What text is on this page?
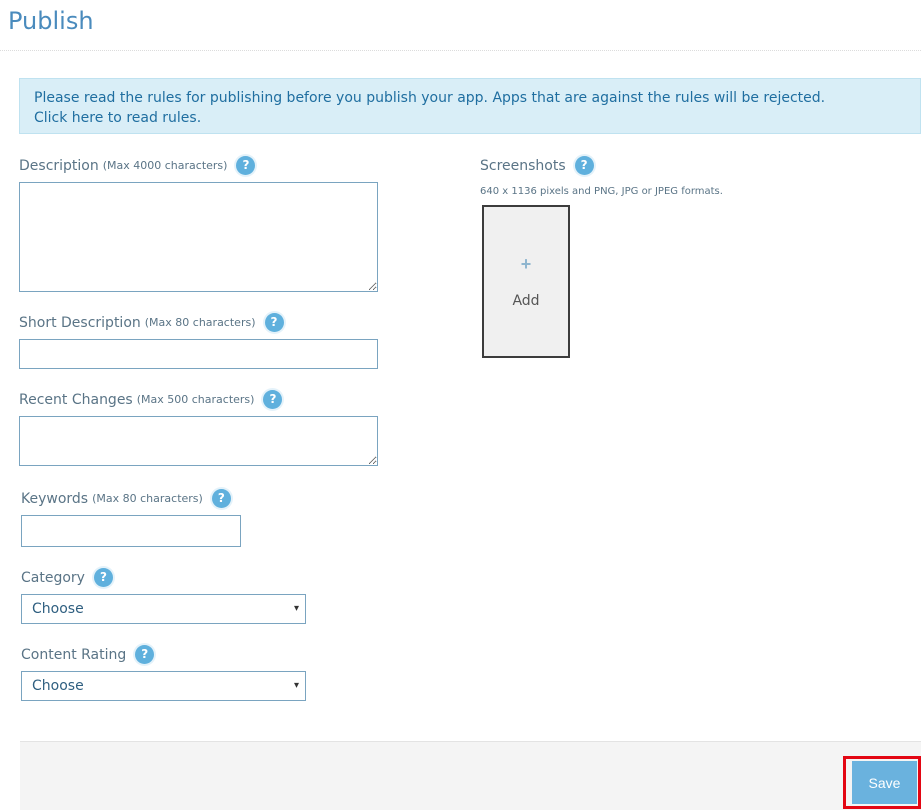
Publish
Please read the rules for publishing before you publish your app. Apps that are against the rules will be rejected.
Click here to read rules.
Description (Max 4000 characters)	?
Short Description (Max 80 characters)	?
Recent Changes (Max 500 characters)	?
Keywords (Max 80 characters)	?
Category	?
Choose	▾
Content Rating	?
Choose	▾
Screenshots	?
640 x 1136 pixels and PNG, JPG or JPEG formats.
+
Add
Save
